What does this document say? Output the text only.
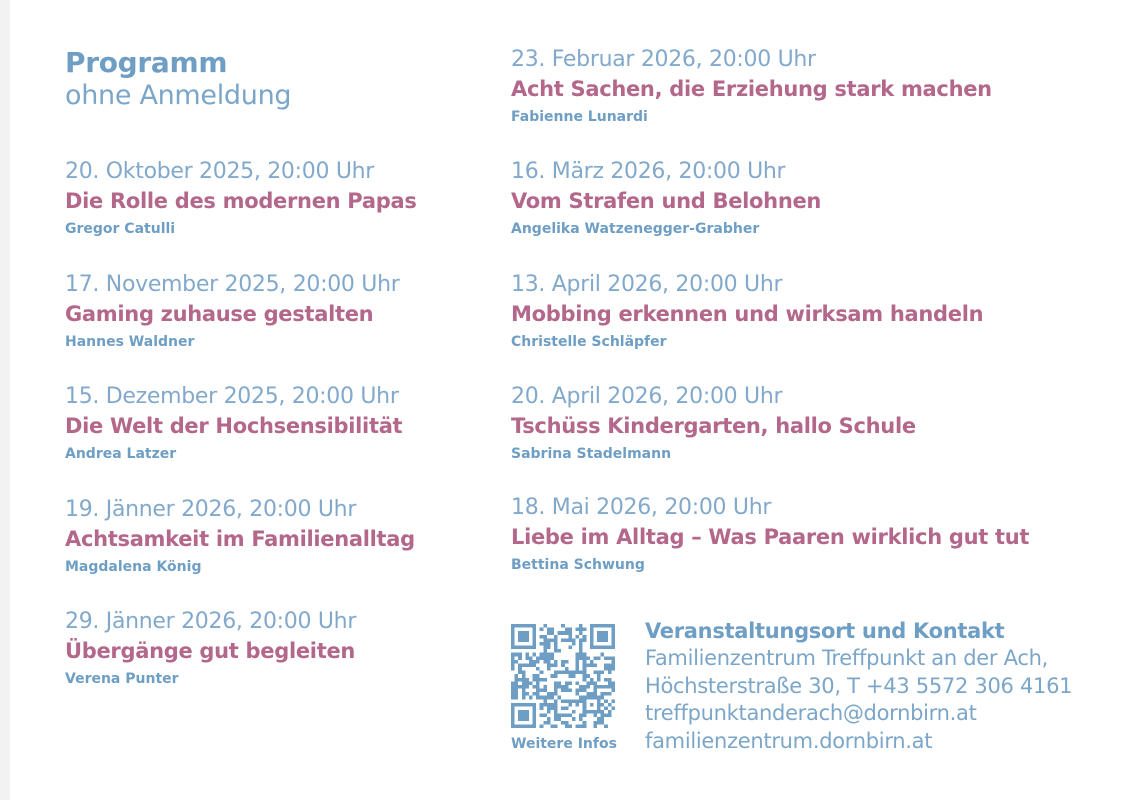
Programm
ohne Anmeldung
20. Oktober 2025, 20:00 Uhr
Die Rolle des modernen Papas
Gregor Catulli
17. November 2025, 20:00 Uhr
Gaming zuhause gestalten
Hannes Waldner
15. Dezember 2025, 20:00 Uhr
Die Welt der Hochsensibilität
Andrea Latzer
19. Jänner 2026, 20:00 Uhr
Achtsamkeit im Familienalltag
Magdalena König
29. Jänner 2026, 20:00 Uhr
Übergänge gut begleiten
Verena Punter
23. Februar 2026, 20:00 Uhr
Acht Sachen, die Erziehung stark machen
Fabienne Lunardi
16. März 2026, 20:00 Uhr
Vom Strafen und Belohnen
Angelika Watzenegger-Grabher
13. April 2026, 20:00 Uhr
Mobbing erkennen und wirksam handeln
Christelle Schläpfer
20. April 2026, 20:00 Uhr
Tschüss Kindergarten, hallo Schule
Sabrina Stadelmann
18. Mai 2026, 20:00 Uhr
Liebe im Alltag – Was Paaren wirklich gut tut
Bettina Schwung
Weitere Infos
Veranstaltungsort und Kontakt
Familienzentrum Treffpunkt an der Ach,
Höchsterstraße 30, T +43 5572 306 4161
treffpunktanderach@dornbirn.at
familienzentrum.dornbirn.at
